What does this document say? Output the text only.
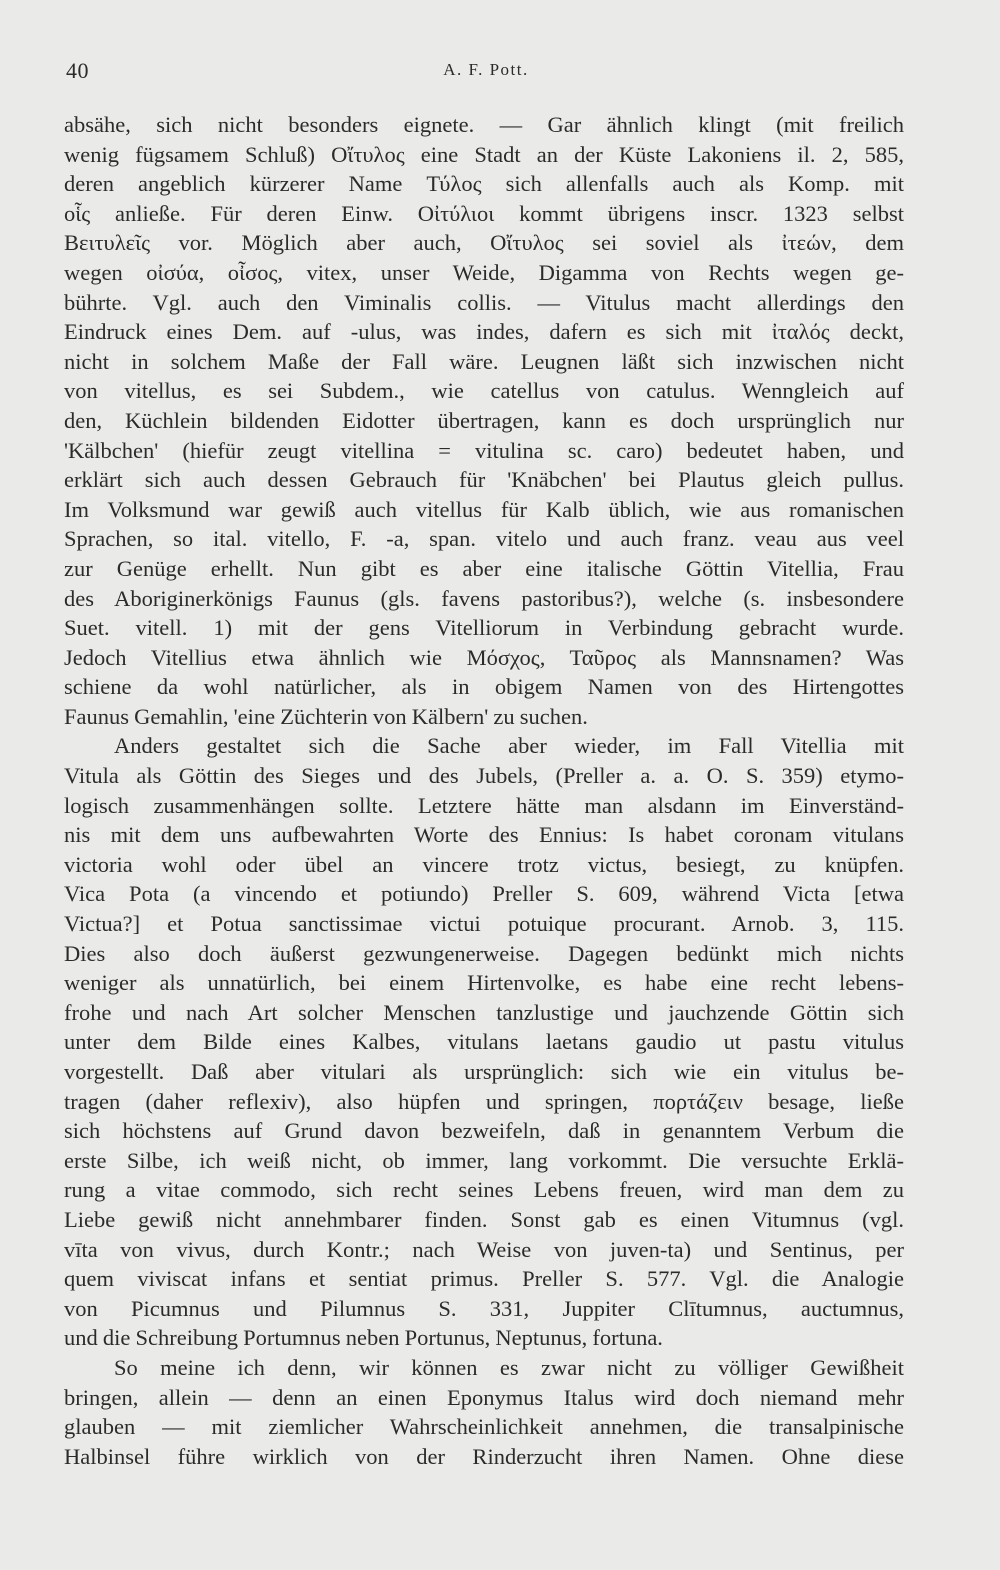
40	A. F. Pott.
absähe, sich nicht besonders eignete. — Gar ähnlich klingt (mit freilich
wenig fügsamem Schluß) Οἴτυλος eine Stadt an der Küste Lakoniens il. 2, 585,
deren angeblich kürzerer Name Τύλος sich allenfalls auch als Komp. mit
οἷς anließe. Für deren Einw. Οἰτύλιοι kommt übrigens inscr. 1323 selbst
Βειτυλεῖς vor. Möglich aber auch, Οἴτυλος sei soviel als ἰτεών, dem
wegen οἰσύα, οἶσος, vitex, unser Weide, Digamma von Rechts wegen ge-
bührte. Vgl. auch den Viminalis collis. — Vitulus macht allerdings den
Eindruck eines Dem. auf -ulus, was indes, dafern es sich mit ἰταλός deckt,
nicht in solchem Maße der Fall wäre. Leugnen läßt sich inzwischen nicht
von vitellus, es sei Subdem., wie catellus von catulus. Wenngleich auf
den, Küchlein bildenden Eidotter übertragen, kann es doch ursprünglich nur
'Kälbchen' (hiefür zeugt vitellina = vitulina sc. caro) bedeutet haben, und
erklärt sich auch dessen Gebrauch für 'Knäbchen' bei Plautus gleich pullus.
Im Volksmund war gewiß auch vitellus für Kalb üblich, wie aus romanischen
Sprachen, so ital. vitello, F. -a, span. vitelo und auch franz. veau aus veel
zur Genüge erhellt. Nun gibt es aber eine italische Göttin Vitellia, Frau
des Aboriginerkönigs Faunus (gls. favens pastoribus?), welche (s. insbesondere
Suet. vitell. 1) mit der gens Vitelliorum in Verbindung gebracht wurde.
Jedoch Vitellius etwa ähnlich wie Μόσχος, Ταῦρος als Mannsnamen? Was
schiene da wohl natürlicher, als in obigem Namen von des Hirtengottes
Faunus Gemahlin, 'eine Züchterin von Kälbern' zu suchen.
Anders gestaltet sich die Sache aber wieder, im Fall Vitellia mit
Vitula als Göttin des Sieges und des Jubels, (Preller a. a. O. S. 359) etymo-
logisch zusammenhängen sollte. Letztere hätte man alsdann im Einverständ-
nis mit dem uns aufbewahrten Worte des Ennius: Is habet coronam vitulans
victoria wohl oder übel an vincere trotz victus, besiegt, zu knüpfen.
Vica Pota (a vincendo et potiundo) Preller S. 609, während Victa [etwa
Victua?] et Potua sanctissimae victui potuique procurant. Arnob. 3, 115.
Dies also doch äußerst gezwungenerweise. Dagegen bedünkt mich nichts
weniger als unnatürlich, bei einem Hirtenvolke, es habe eine recht lebens-
frohe und nach Art solcher Menschen tanzlustige und jauchzende Göttin sich
unter dem Bilde eines Kalbes, vitulans laetans gaudio ut pastu vitulus
vorgestellt. Daß aber vitulari als ursprünglich: sich wie ein vitulus be-
tragen (daher reflexiv), also hüpfen und springen, πορτάζειν besage, ließe
sich höchstens auf Grund davon bezweifeln, daß in genanntem Verbum die
erste Silbe, ich weiß nicht, ob immer, lang vorkommt. Die versuchte Erklä-
rung a vitae commodo, sich recht seines Lebens freuen, wird man dem zu
Liebe gewiß nicht annehmbarer finden. Sonst gab es einen Vitumnus (vgl.
vīta von vivus, durch Kontr.; nach Weise von juven-ta) und Sentinus, per
quem viviscat infans et sentiat primus. Preller S. 577. Vgl. die Analogie
von Picumnus und Pilumnus S. 331, Juppiter Clītumnus, auctumnus,
und die Schreibung Portumnus neben Portunus, Neptunus, fortuna.
So meine ich denn, wir können es zwar nicht zu völliger Gewißheit
bringen, allein — denn an einen Eponymus Italus wird doch niemand mehr
glauben — mit ziemlicher Wahrscheinlichkeit annehmen, die transalpinische
Halbinsel führe wirklich von der Rinderzucht ihren Namen. Ohne diese
